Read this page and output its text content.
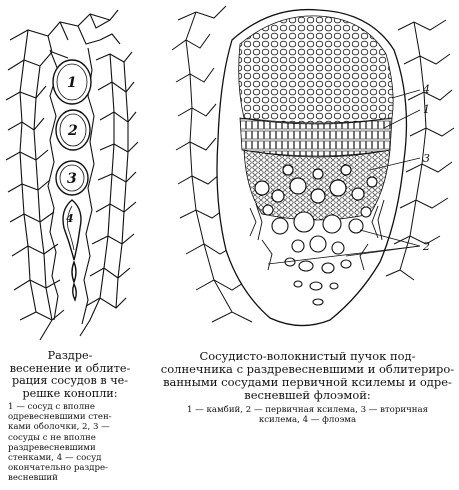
1
2
3
4
4
1
3
2
Раздре-
весенение и облите-
рация сосудов в че-
решке конопли:
1 — сосуд с вполне
одревесневшими стен-
ками оболочки, 2, 3 —
сосуды с не вполне
раздревесневшими
стенками, 4 — сосуд
окончательно раздре-
весневший
Сосудисто-волокнистый пучок под-
солнечника с раздревесневшими и облитериро-
ванными сосудами первичной ксилемы и одре-
весневшей флоэмой:
1 — камбий, 2 — первичная ксилема, 3 — вторичная
ксилема, 4 — флоэма
